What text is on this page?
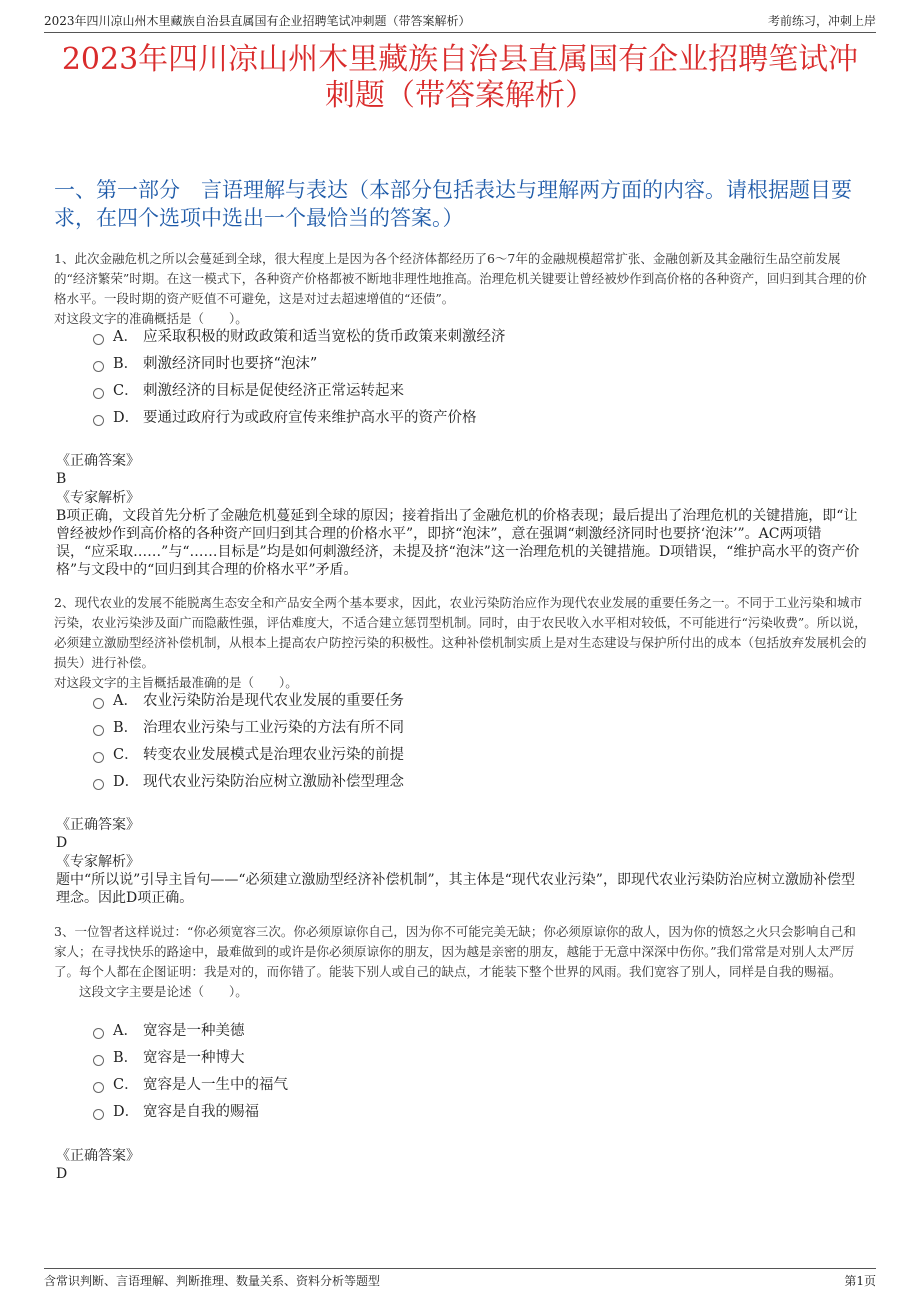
2023年四川凉山州木里藏族自治县直属国有企业招聘笔试冲刺题（带答案解析）	考前练习，冲刺上岸
2023年四川凉山州木里藏族自治县直属国有企业招聘笔试冲刺题（带答案解析）
一、第一部分　言语理解与表达（本部分包括表达与理解两方面的内容。请根据题目要求，在四个选项中选出一个最恰当的答案。）

1、此次金融危机之所以会蔓延到全球，很大程度上是因为各个经济体都经历了6～7年的金融规模超常扩张、金融创新及其金融衍生品空前发展的“经济繁荣”时期。在这一模式下，各种资产价格都被不断地非理性地推高。治理危机关键要让曾经被炒作到高价格的各种资产，回归到其合理的价格水平。一段时期的资产贬值不可避免，这是对过去超速增值的“还债”。

对这段文字的准确概括是（　　）。

A． 应采取积极的财政政策和适当宽松的货币政策来刺激经济
B． 刺激经济同时也要挤“泡沫”
C． 刺激经济的目标是促使经济正常运转起来
D． 要通过政府行为或政府宣传来维护高水平的资产价格
《正确答案》
B
《专家解析》
B项正确，文段首先分析了金融危机蔓延到全球的原因；接着指出了金融危机的价格表现；最后提出了治理危机的关键措施，即“让曾经被炒作到高价格的各种资产回归到其合理的价格水平”，即挤“泡沫”，意在强调“刺激经济同时也要挤‘泡沫’”。AC两项错误，“应采取……”与“……目标是”均是如何刺激经济，未提及挤“泡沫”这一治理危机的关键措施。D项错误，“维护高水平的资产价格”与文段中的“回归到其合理的价格水平”矛盾。

2、现代农业的发展不能脱离生态安全和产品安全两个基本要求，因此，农业污染防治应作为现代农业发展的重要任务之一。不同于工业污染和城市污染，农业污染涉及面广而隐蔽性强，评估难度大，不适合建立惩罚型机制。同时，由于农民收入水平相对较低，不可能进行“污染收费”。所以说，必须建立激励型经济补偿机制，从根本上提高农户防控污染的积极性。这种补偿机制实质上是对生态建设与保护所付出的成本（包括放弃发展机会的损失）进行补偿。

对这段文字的主旨概括最准确的是（　　）。

A． 农业污染防治是现代农业发展的重要任务
B． 治理农业污染与工业污染的方法有所不同
C． 转变农业发展模式是治理农业污染的前提
D． 现代农业污染防治应树立激励补偿型理念
《正确答案》
D
《专家解析》
题中“所以说”引导主旨句——“必须建立激励型经济补偿机制”，其主体是“现代农业污染”，即现代农业污染防治应树立激励补偿型理念。因此D项正确。

3、一位智者这样说过：“你必须宽容三次。你必须原谅你自己，因为你不可能完美无缺；你必须原谅你的敌人，因为你的愤怒之火只会影响自己和家人；在寻找快乐的路途中，最难做到的或许是你必须原谅你的朋友，因为越是亲密的朋友，越能于无意中深深中伤你。”我们常常是对别人太严厉了。每个人都在企图证明：我是对的，而你错了。能装下别人或自己的缺点，才能装下整个世界的风雨。我们宽容了别人，同样是自我的赐福。

这段文字主要是论述（　　）。

A． 宽容是一种美德
B． 宽容是一种博大
C． 宽容是人一生中的福气
D． 宽容是自我的赐福
《正确答案》
D
含常识判断、言语理解、判断推理、数量关系、资料分析等题型	第1页
